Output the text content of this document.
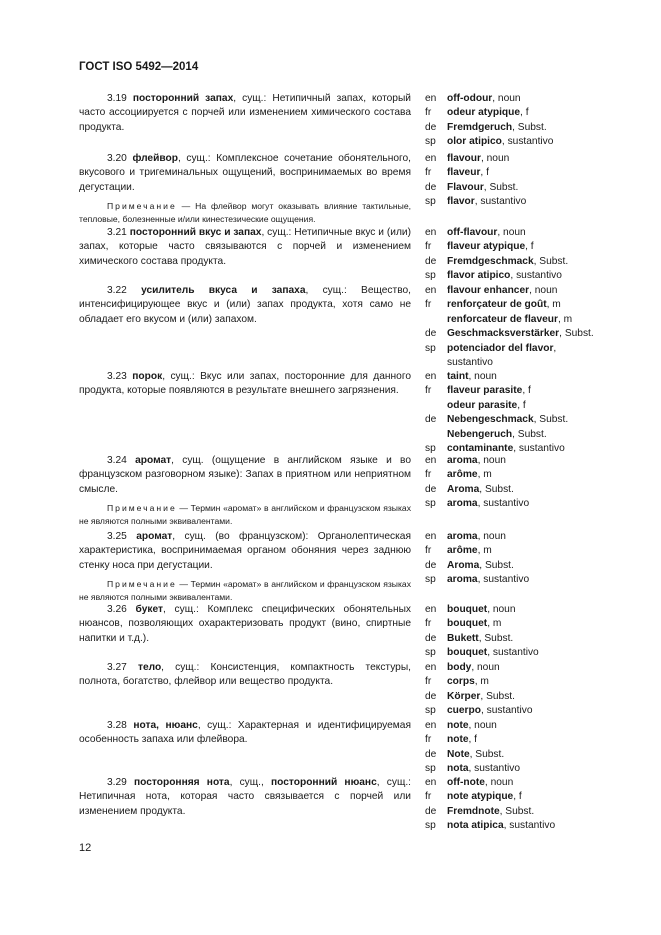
ГОСТ ISO 5492—2014

3.19 посторонний запах, сущ.: Нетипичный запах, который часто ассоциируется с порчей или изменением химического состава продукта.

en	off-odour, noun
fr	odeur atypique, f
de	Fremdgeruch, Subst.
sp	olor atipico, sustantivo

3.20 флейвор, сущ.: Комплексное сочетание обонятельного, вкусового и тригеминальных ощущений, воспринимаемых во время дегустации.

Примечание — На флейвор могут оказывать влияние тактильные, тепловые, болезненные и/или кинестезические ощущения.

en	flavour, noun
fr	flaveur, f
de	Flavour, Subst.
sp	flavor, sustantivo

3.21 посторонний вкус и запах, сущ.: Нетипичные вкус и (или) запах, которые часто связываются с порчей и изменением химического состава продукта.

en	off-flavour, noun
fr	flaveur atypique, f
de	Fremdgeschmack, Subst.
sp	flavor atipico, sustantivo

3.22 усилитель вкуса и запаха, сущ.: Вещество, интенсифицирующее вкус и (или) запах продукта, хотя само не обладает его вкусом и (или) запахом.

en	flavour enhancer, noun
fr	renforçateur de goût, m
renforcateur de flaveur, m
de	Geschmacksverstärker, Subst.
sp	potenciador del flavor,
sustantivo

3.23 порок, сущ.: Вкус или запах, посторонние для данного продукта, которые появляются в результате внешнего загрязнения.

en	taint, noun
fr	flaveur parasite, f
odeur parasite, f
de	Nebengeschmack, Subst.
Nebengeruch, Subst.
sp	contaminante, sustantivo

3.24 аромат, сущ. (ощущение в английском языке и во французском разговорном языке): Запах в приятном или неприятном смысле.

Примечание — Термин «аромат» в английском и французском языках не являются полными эквивалентами.

en	aroma, noun
fr	arôme, m
de	Aroma, Subst.
sp	aroma, sustantivo

3.25 аромат, сущ. (во французском): Органолептическая характеристика, воспринимаемая органом обоняния через заднюю стенку носа при дегустации.

Примечание — Термин «аромат» в английском и французском языках не являются полными эквивалентами.

en	aroma, noun
fr	arôme, m
de	Aroma, Subst.
sp	aroma, sustantivo

3.26 букет, сущ.: Комплекс специфических обонятельных нюансов, позволяющих охарактеризовать продукт (вино, спиртные напитки и т.д.).

en	bouquet, noun
fr	bouquet, m
de	Bukett, Subst.
sp	bouquet, sustantivo

3.27 тело, сущ.: Консистенция, компактность текстуры, полнота, богатство, флейвор или вещество продукта.

en	body, noun
fr	corps, m
de	Körper, Subst.
sp	cuerpo, sustantivo

3.28 нота, нюанс, сущ.: Характерная и идентифицируемая особенность запаха или флейвора.

en	note, noun
fr	note, f
de	Note, Subst.
sp	nota, sustantivo

3.29 посторонняя нота, сущ., посторонний нюанс, сущ.: Нетипичная нота, которая часто связывается с порчей или изменением продукта.

en	off-note, noun
fr	note atypique, f
de	Fremdnote, Subst.
sp	nota atipica, sustantivo
12
